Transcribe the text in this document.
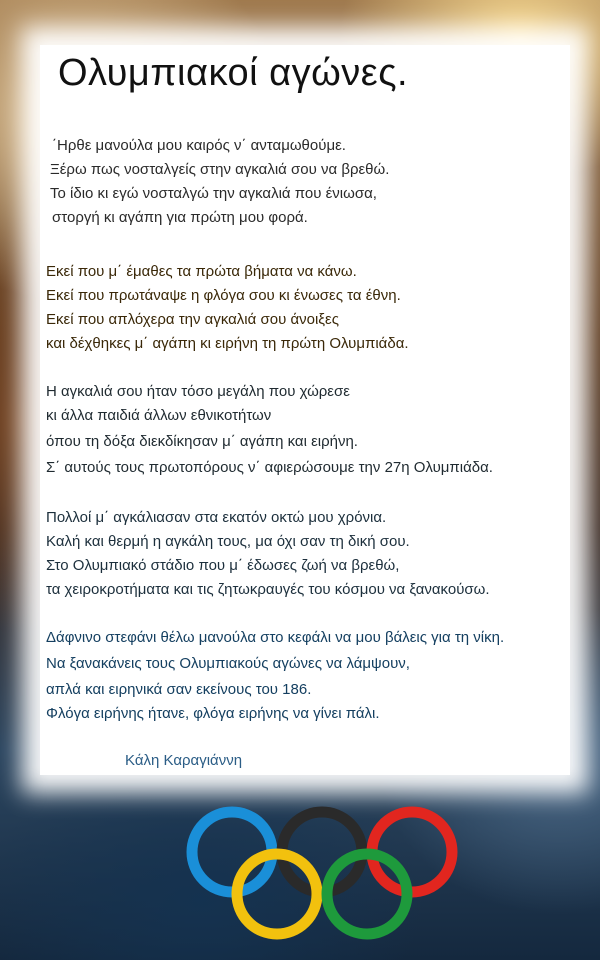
Ολυμπιακοί αγώνες.
΄Ηρθε μανούλα μου καιρός ν΄ ανταμωθούμε.
Ξέρω πως νοσταλγείς στην αγκαλιά σου να βρεθώ.
Το ίδιο κι εγώ νοσταλγώ την αγκαλιά που ένιωσα,
στοργή κι αγάπη για πρώτη μου φορά.
Εκεί που μ΄ έμαθες τα πρώτα βήματα να κάνω.
Εκεί που πρωτάναψε η φλόγα σου κι ένωσες τα έθνη.
Εκεί που απλόχερα την αγκαλιά σου άνοιξες
και δέχθηκες μ΄ αγάπη κι ειρήνη τη πρώτη Ολυμπιάδα.
Η αγκαλιά σου ήταν τόσο μεγάλη που χώρεσε
κι άλλα παιδιά άλλων εθνικοτήτων
όπου τη δόξα διεκδίκησαν μ΄ αγάπη και ειρήνη.
Σ΄ αυτούς τους πρωτοπόρους ν΄ αφιερώσουμε την 27η Ολυμπιάδα.
Πολλοί μ΄ αγκάλιασαν στα εκατόν οκτώ μου χρόνια.
Καλή και θερμή η αγκάλη τους, μα όχι σαν τη δική σου.
Στο Ολυμπιακό στάδιο που μ΄ έδωσες ζωή να βρεθώ,
τα χειροκροτήματα και τις ζητωκραυγές του κόσμου να ξανακούσω.
Δάφνινο στεφάνι θέλω μανούλα στο κεφάλι να μου βάλεις για τη νίκη.
Να ξανακάνεις τους Ολυμπιακούς αγώνες να λάμψουν,
απλά και ειρηνικά σαν εκείνους του 186.
Φλόγα ειρήνης ήτανε, φλόγα ειρήνης να γίνει πάλι.
Κάλη Καραγιάννη
